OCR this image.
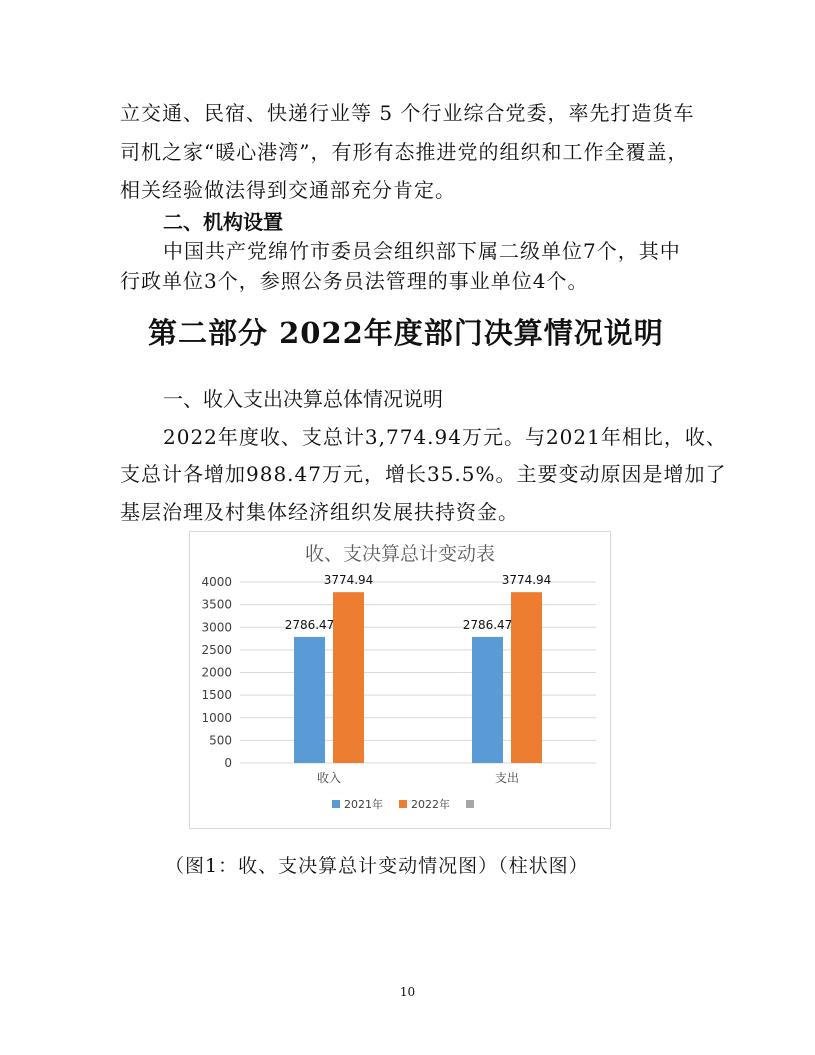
立交通、民宿、快递行业等 5 个行业综合党委，率先打造货车
司机之家“暖心港湾”，有形有态推进党的组织和工作全覆盖，
相关经验做法得到交通部充分肯定。
二、机构设置
中国共产党绵竹市委员会组织部下属二级单位7个，其中
行政单位3个，参照公务员法管理的事业单位4个。
第二部分 2022年度部门决算情况说明
一、收入支出决算总体情况说明
2022年度收、支总计3,774.94万元。与2021年相比，收、
支总计各增加988.47万元，增长35.5%。主要变动原因是增加了
基层治理及村集体经济组织发展扶持资金。
收、支决算总计变动表
0
500
1000
1500
2000
2500
3000
3500
4000
2786.47
3774.94
收入
2786.47
3774.94
支出
2021年	2022年
（图1：收、支决算总计变动情况图）（柱状图）
10
